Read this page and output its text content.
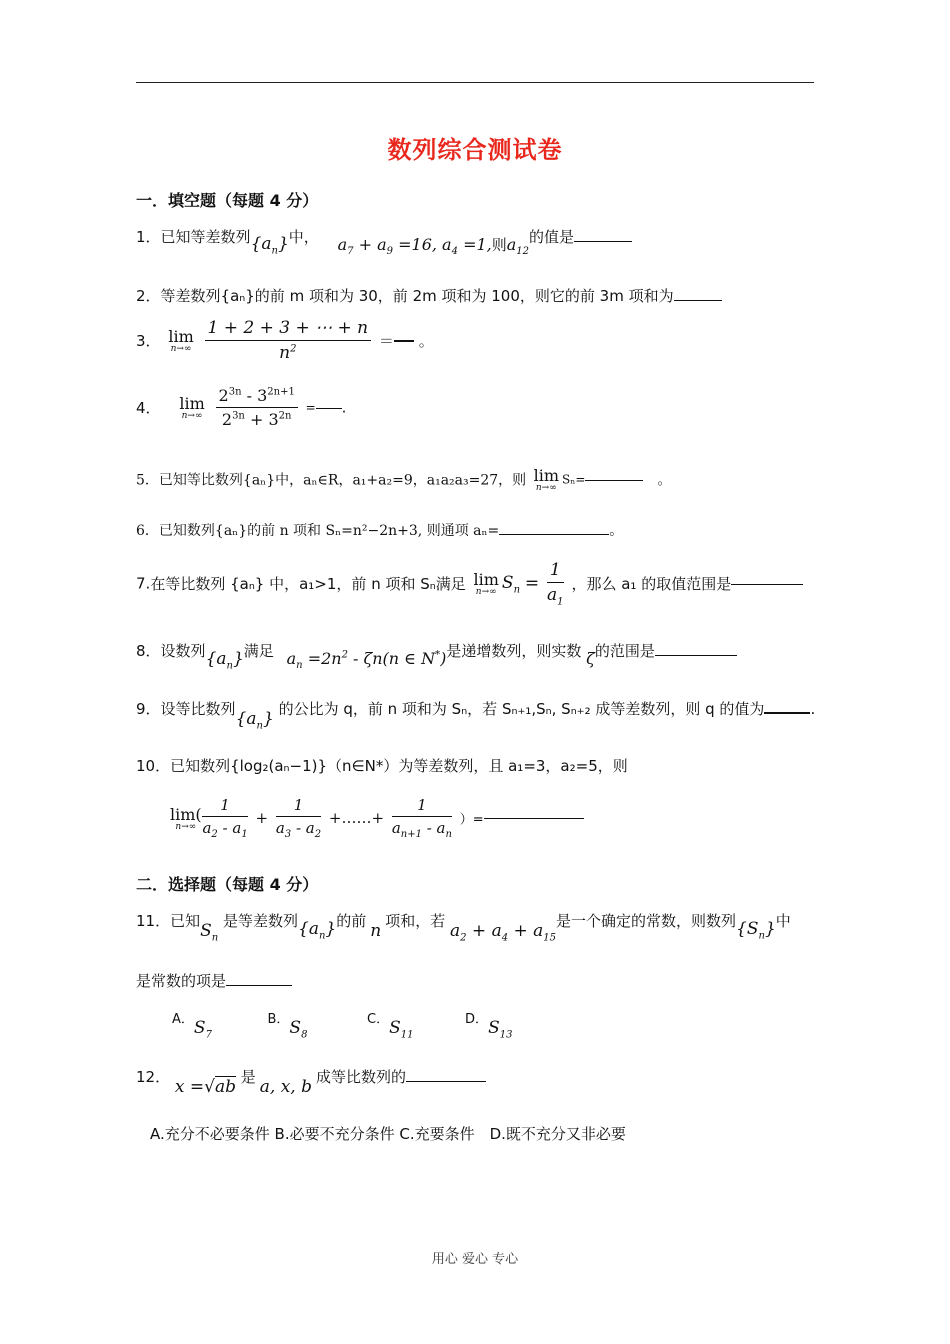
数列综合测试卷
一．填空题（每题 4 分）
1．已知等差数列$\{a_n\}$中， $a_7 + a_9 =16$, $a_4 =1$,则$a_{12}$的值是
2．等差数列{aₙ}的前 m 项和为 30，前 2m 项和为 100，则它的前 3m 项和为
3． lim
n→∞
$\frac{1 + 2 + 3 + \cdots + n}{n^2}$ ＝ 。
4． lim
n→∞
$\frac{2^{3n} - 3^{2n+1}}{2^{3n} + 3^{2n}}$ = .
5．已知等比数列{aₙ}中，aₙ∈R，a₁+a₂=9，a₁a₂a₃=27，则 lim
n→∞
Sₙ=	。
6．已知数列{aₙ}的前 n 项和 Sₙ=n²−2n+3, 则通项 aₙ=	。
7.在等比数列 {aₙ} 中，a₁>1，前 n 项和 Sₙ满足 lim
n→∞ $S_n = \frac{1}{a_1}$ ，那么 a₁ 的取值范围是
8．设数列$\{a_n\}$满足 $a_n =2n^2 - \zeta n(n$ ∈ N*)是递增数列，则实数 ζ的范围是
9．设等比数列$\{a_n\}$ 的公比为 q，前 n 项和为 Sₙ，若 Sₙ₊₁,Sₙ, Sₙ₊₂ 成等差数列，则 q 的值为	.
10．已知数列{log₂(aₙ−1)}（n∈N*）为等差数列，且 a₁=3，a₂=5，则
lim(
n→∞
$\frac{1}{a_2 - a_1} + \frac{1}{a_3 - a_2}$ +……+ $\frac{1}{a_{n+1} - a_n}$ ）=
二．选择题（每题 4 分）
11．已知$S_n$ 是等差数列$\{a_n\}$的前 n 项和，若 $a_2 + a_4 + a_{15}$是一个确定的常数，则数列$\{S_n\}$中
是常数的项是
A．$S_7$  B．$S_8$  C．$S_{11}$  D．$S_{13}$
12． x =√ab 是 a, x, b 成等比数列的
A.充分不必要条件 B.必要不充分条件 C.充要条件　D.既不充分又非必要
用心 爱心 专心
